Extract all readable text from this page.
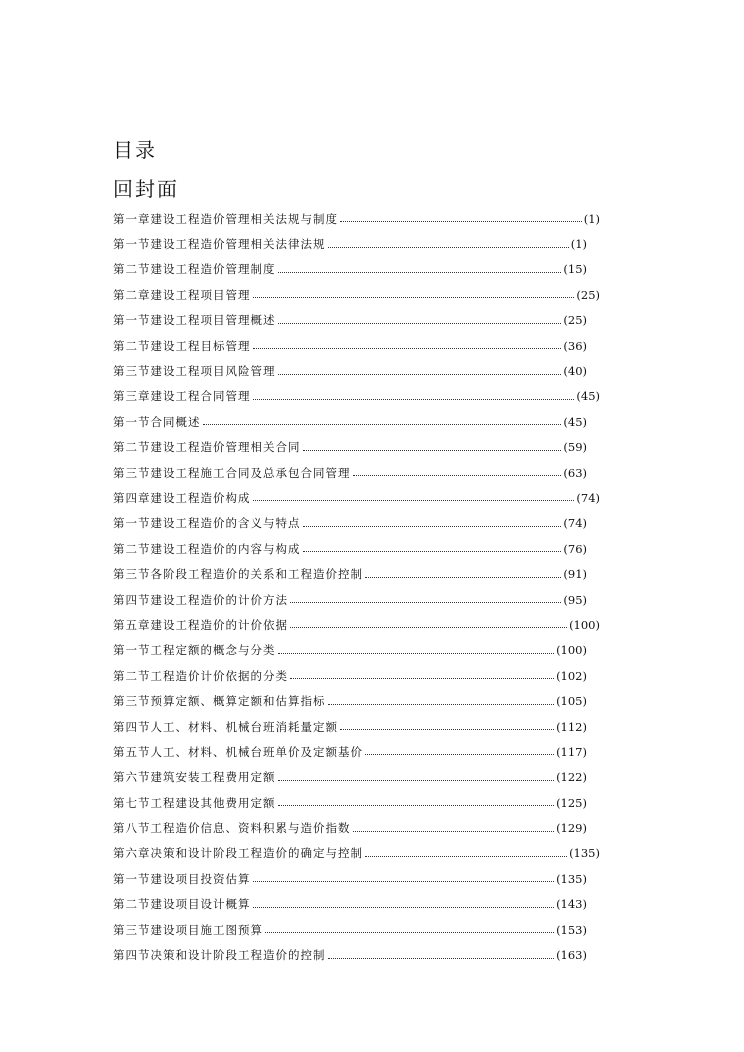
目录
回封面
第一章建设工程造价管理相关法规与制度	(1)
第一节建设工程造价管理相关法律法规	(1)
第二节建设工程造价管理制度	(15)
第二章建设工程项目管理	(25)
第一节建设工程项目管理概述	(25)
第二节建设工程目标管理	(36)
第三节建设工程项目风险管理	(40)
第三章建设工程合同管理	(45)
第一节合同概述	(45)
第二节建设工程造价管理相关合同	(59)
第三节建设工程施工合同及总承包合同管理	(63)
第四章建设工程造价构成	(74)
第一节建设工程造价的含义与特点	(74)
第二节建设工程造价的内容与构成	(76)
第三节各阶段工程造价的关系和工程造价控制	(91)
第四节建设工程造价的计价方法	(95)
第五章建设工程造价的计价依据	(100)
第一节工程定额的概念与分类	(100)
第二节工程造价计价依据的分类	(102)
第三节预算定额、概算定额和估算指标	(105)
第四节人工、材料、机械台班消耗量定额	(112)
第五节人工、材料、机械台班单价及定额基价	(117)
第六节建筑安装工程费用定额	(122)
第七节工程建设其他费用定额	(125)
第八节工程造价信息、资料积累与造价指数	(129)
第六章决策和设计阶段工程造价的确定与控制	(135)
第一节建设项目投资估算	(135)
第二节建设项目设计概算	(143)
第三节建设项目施工图预算	(153)
第四节决策和设计阶段工程造价的控制	(163)
